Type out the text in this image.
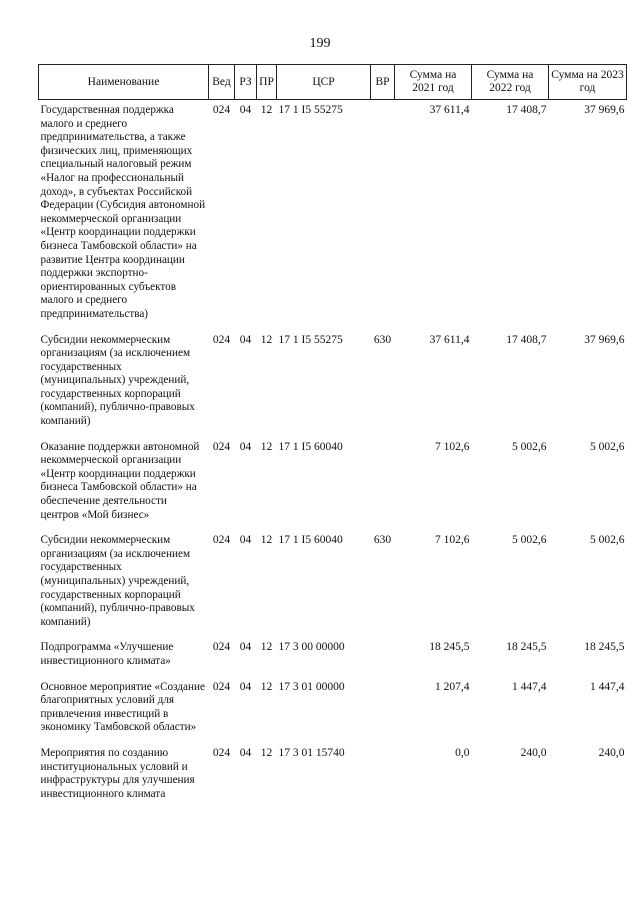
199
Наименование	Вед	РЗ	ПР	ЦСР	ВР	Сумма на 2021 год	Сумма на 2022 год	Сумма на 2023 год
Государственная поддержка малого и среднего предпринимательства, а также физических лиц, применяющих специальный налоговый режим «Налог на профессиональный доход», в субъектах Российской Федерации (Субсидия автономной некоммерческой организации «Центр координации поддержки бизнеса Тамбовской области» на развитие Центра координации поддержки экспортно-ориентированных субъектов малого и среднего предпринимательства)	024	04	12	17 1 I5 55275		37 611,4	17 408,7	37 969,6
Субсидии некоммерческим организациям (за исключением государственных (муниципальных) учреждений, государственных корпораций (компаний), публично-правовых компаний)	024	04	12	17 1 I5 55275	630	37 611,4	17 408,7	37 969,6
Оказание поддержки автономной некоммерческой организации «Центр координации поддержки бизнеса Тамбовской области» на обеспечение деятельности центров «Мой бизнес»	024	04	12	17 1 I5 60040		7 102,6	5 002,6	5 002,6
Субсидии некоммерческим организациям (за исключением государственных (муниципальных) учреждений, государственных корпораций (компаний), публично-правовых компаний)	024	04	12	17 1 I5 60040	630	7 102,6	5 002,6	5 002,6
Подпрограмма «Улучшение инвестиционного климата»	024	04	12	17 3 00 00000		18 245,5	18 245,5	18 245,5
Основное мероприятие «Создание благоприятных условий для привлечения инвестиций в экономику Тамбовской области»	024	04	12	17 3 01 00000		1 207,4	1 447,4	1 447,4
Мероприятия по созданию институциональных условий и инфраструктуры для улучшения инвестиционного климата	024	04	12	17 3 01 15740		0,0	240,0	240,0
